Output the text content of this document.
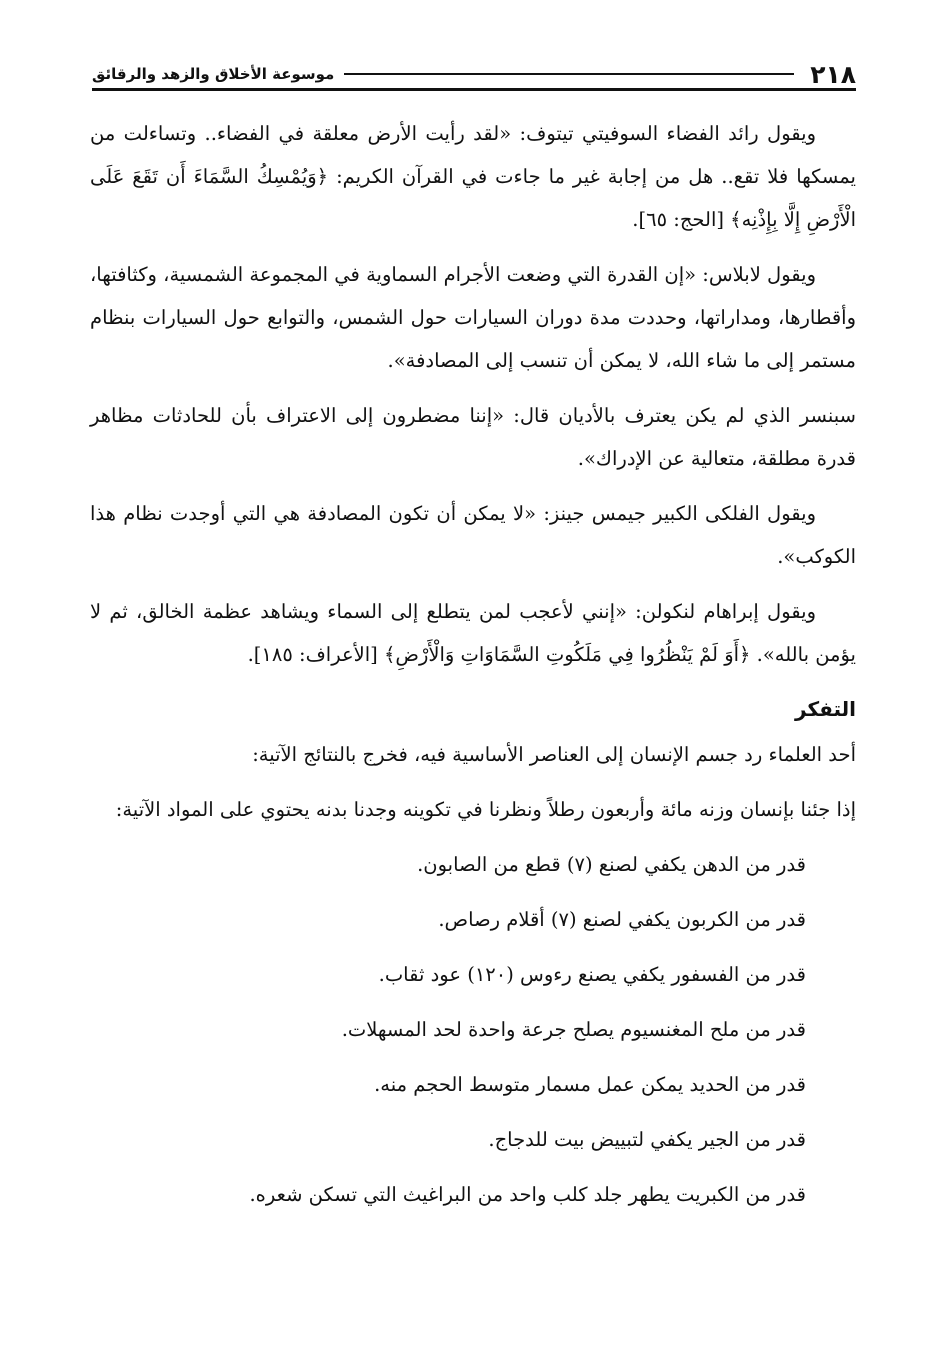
٢١٨
موسوعة الأخلاق والزهد والرقائق

ويقول رائد الفضاء السوفيتي تيتوف: «لقد رأيت الأرض معلقة في الفضاء.. وتساءلت من يمسكها فلا تقع.. هل من إجابة غير ما جاءت في القرآن الكريم: ﴿وَيُمْسِكُ السَّمَاءَ أَن تَقَعَ عَلَى الْأَرْضِ إِلَّا بِإِذْنِه﴾ [الحج: ٦٥].

ويقول لابلاس: «إن القدرة التي وضعت الأجرام السماوية في المجموعة الشمسية، وكثافتها، وأقطارها، ومداراتها، وحددت مدة دوران السيارات حول الشمس، والتوابع حول السيارات بنظام مستمر إلى ما شاء الله، لا يمكن أن تنسب إلى المصادفة».

سبنسر الذي لم يكن يعترف بالأديان قال: «إننا مضطرون إلى الاعتراف بأن للحادثات مظاهر قدرة مطلقة، متعالية عن الإدراك».

ويقول الفلكى الكبير جيمس جينز: «لا يمكن أن تكون المصادفة هي التي أوجدت نظام هذا الكوكب».

ويقول إبراهام لنكولن: «إنني لأعجب لمن يتطلع إلى السماء ويشاهد عظمة الخالق، ثم لا يؤمن بالله». ﴿أَوَ لَمْ يَنْظُرُوا فِي مَلَكُوتِ السَّمَاوَاتِ وَالْأَرْضِ﴾ [الأعراف: ١٨٥].

التفكر

أحد العلماء رد جسم الإنسان إلى العناصر الأساسية فيه، فخرج بالنتائج الآتية:

إذا جئنا بإنسان وزنه مائة وأربعون رطلاً ونظرنا في تكوينه وجدنا بدنه يحتوي على المواد الآتية:

قدر من الدهن يكفي لصنع (٧) قطع من الصابون.
قدر من الكربون يكفي لصنع (٧) أقلام رصاص.
قدر من الفسفور يكفي يصنع رءوس (١٢٠) عود ثقاب.
قدر من ملح المغنسيوم يصلح جرعة واحدة لحد المسهلات.
قدر من الحديد يمكن عمل مسمار متوسط الحجم منه.
قدر من الجير يكفي لتبييض بيت للدجاج.
قدر من الكبريت يطهر جلد كلب واحد من البراغيث التي تسكن شعره.
